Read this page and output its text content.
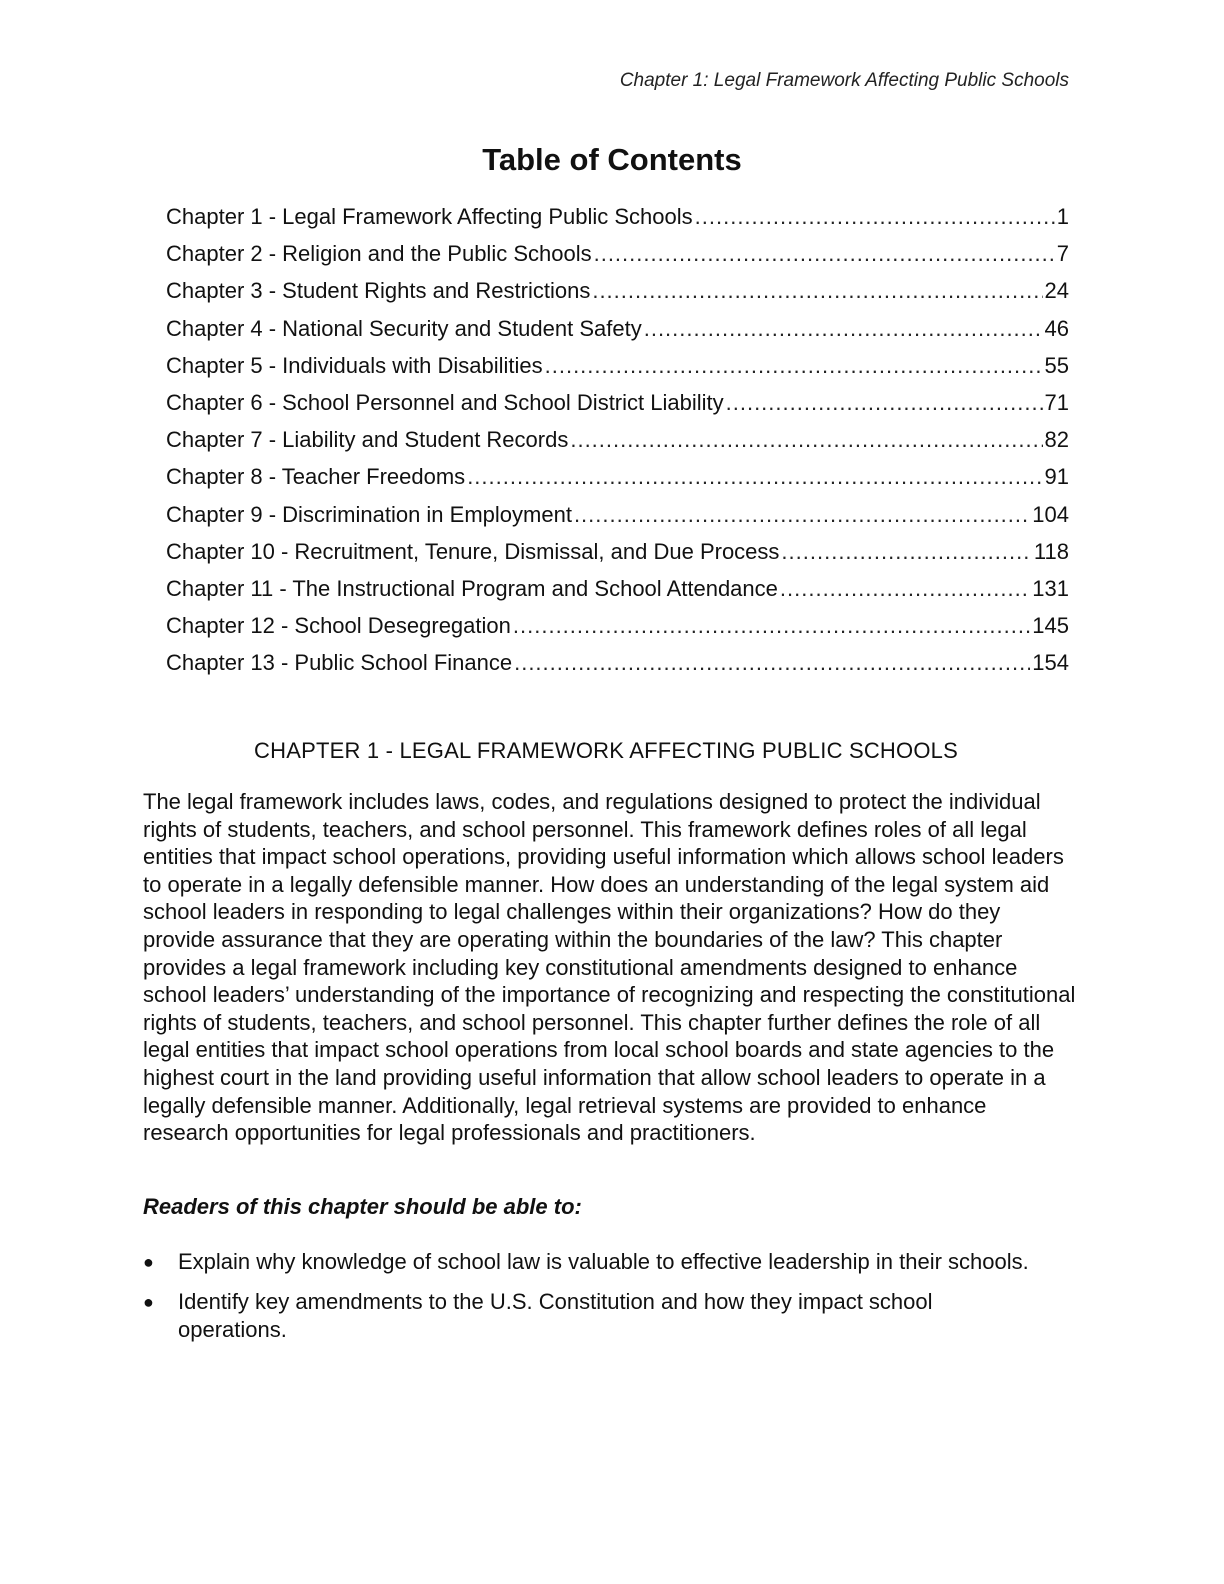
Chapter 1: Legal Framework Affecting Public Schools
Table of Contents
Chapter 1 - Legal Framework Affecting Public Schools .....	1
Chapter 2 - Religion and the Public Schools .....	7
Chapter 3 - Student Rights and Restrictions .....	24
Chapter 4 - National Security and Student Safety .....	46
Chapter 5 - Individuals with Disabilities .....	55
Chapter 6 - School Personnel and School District Liability .....	71
Chapter 7 - Liability and Student Records .....	82
Chapter 8 - Teacher Freedoms .....	91
Chapter 9 - Discrimination in Employment .....	104
Chapter 10 - Recruitment, Tenure, Dismissal, and Due Process .....	118
Chapter 11 - The Instructional Program and School Attendance .....	131
Chapter 12 - School Desegregation .....	145
Chapter 13 - Public School Finance .....	154
CHAPTER 1 - LEGAL FRAMEWORK AFFECTING PUBLIC SCHOOLS

The legal framework includes laws, codes, and regulations designed to protect the individual rights of students, teachers, and school personnel. This framework defines roles of all legal entities that impact school operations, providing useful information which allows school leaders to operate in a legally defensible manner. How does an understanding of the legal system aid school leaders in responding to legal challenges within their organizations? How do they provide assurance that they are operating within the boundaries of the law? This chapter provides a legal framework including key constitutional amendments designed to enhance school leaders’ understanding of the importance of recognizing and respecting the constitutional rights of students, teachers, and school personnel. This chapter further defines the role of all legal entities that impact school operations from local school boards and state agencies to the highest court in the land providing useful information that allow school leaders to operate in a legally defensible manner. Additionally, legal retrieval systems are provided to enhance research opportunities for legal professionals and practitioners.

Readers of this chapter should be able to:

● Explain why knowledge of school law is valuable to effective leadership in their schools.
● Identify key amendments to the U.S. Constitution and how they impact school operations.
